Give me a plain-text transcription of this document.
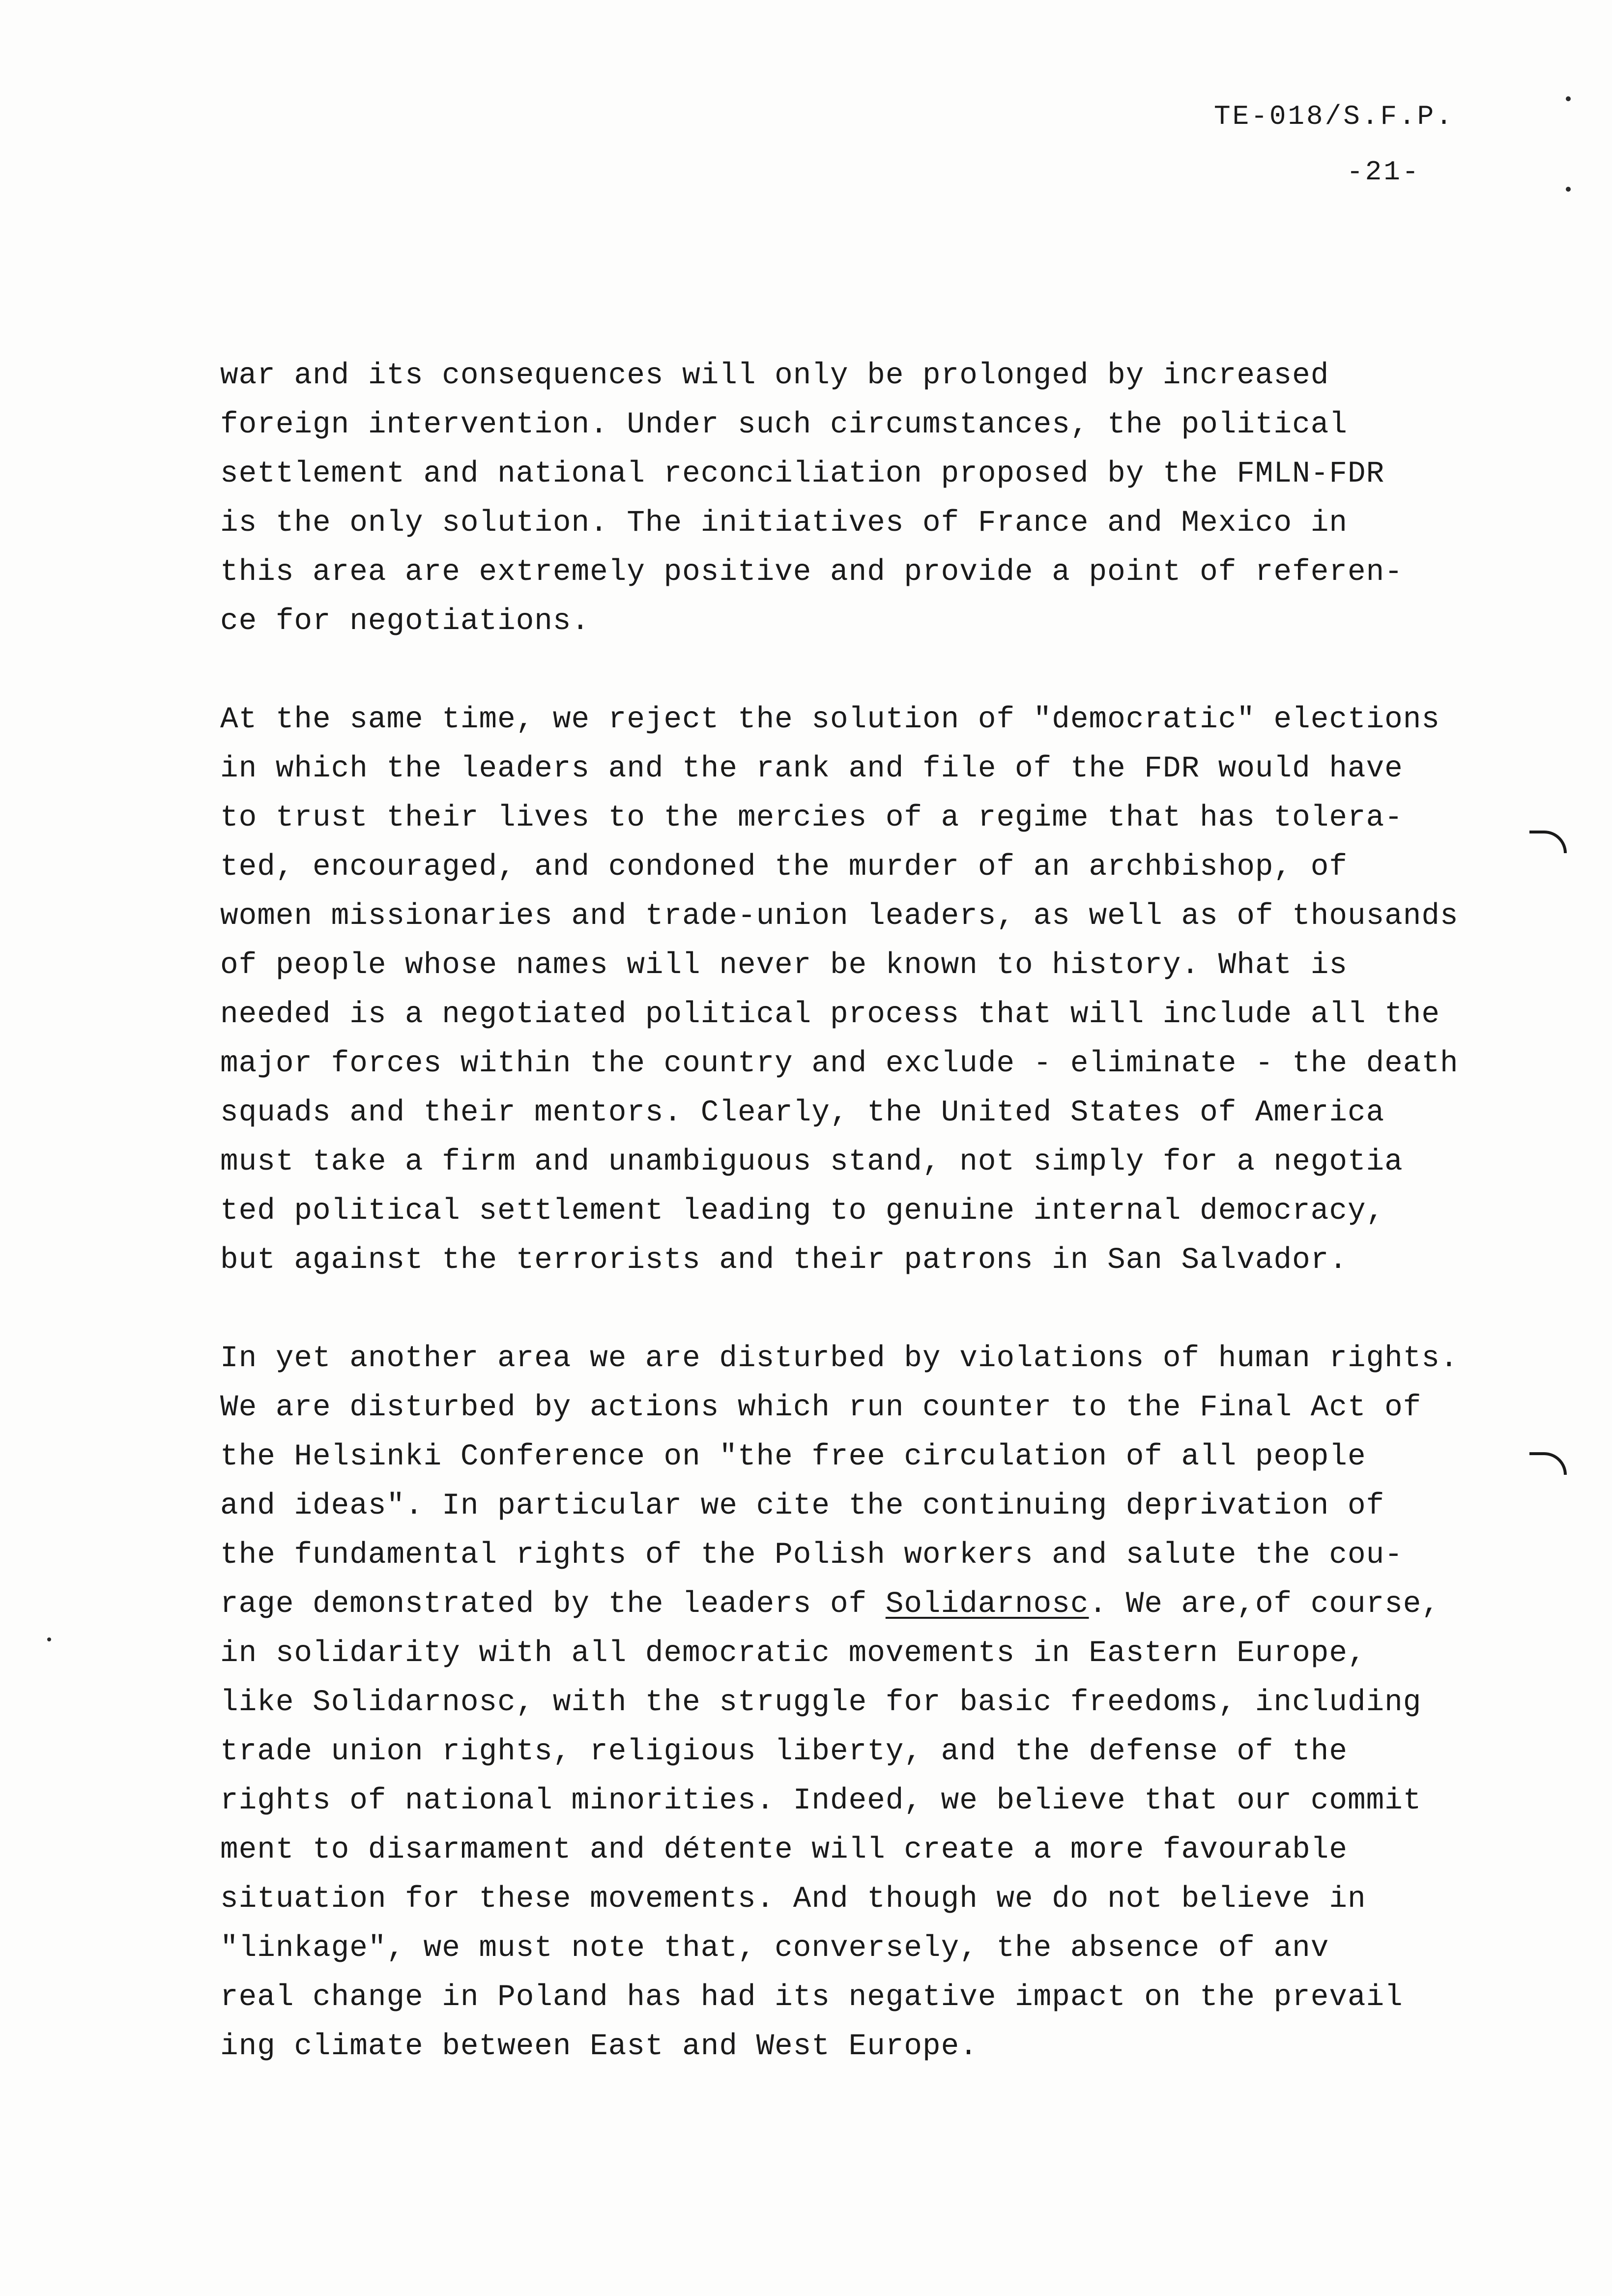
TE-018/S.F.P.
-21-
war and its consequences will only be prolonged by increased
foreign intervention. Under such circumstances, the political
settlement and national reconciliation proposed by the FMLN-FDR
is the only solution. The initiatives of France and Mexico in
this area are extremely positive and provide a point of referen-
ce for negotiations.
At the same time, we reject the solution of "democratic" elections
in which the leaders and the rank and file of the FDR would have
to trust their lives to the mercies of a regime that has tolera-
ted, encouraged, and condoned the murder of an archbishop, of
women missionaries and trade-union leaders, as well as of thousands
of people whose names will never be known to history. What is
needed is a negotiated political process that will include all the
major forces within the country and exclude - eliminate - the death
squads and their mentors. Clearly, the United States of America
must take a firm and unambiguous stand, not simply for a negotia
ted political settlement leading to genuine internal democracy,
but against the terrorists and their patrons in San Salvador.
In yet another area we are disturbed by violations of human rights.
We are disturbed by actions which run counter to the Final Act of
the Helsinki Conference on "the free circulation of all people
and ideas". In particular we cite the continuing deprivation of
the fundamental rights of the Polish workers and salute the cou-
rage demonstrated by the leaders of Solidarnosc. We are,of course,
in solidarity with all democratic movements in Eastern Europe,
like Solidarnosc, with the struggle for basic freedoms, including
trade union rights, religious liberty, and the defense of the
rights of national minorities. Indeed, we believe that our commit
ment to disarmament and détente will create a more favourable
situation for these movements. And though we do not believe in
"linkage", we must note that, conversely, the absence of anv
real change in Poland has had its negative impact on the prevail
ing climate between East and West Europe.
